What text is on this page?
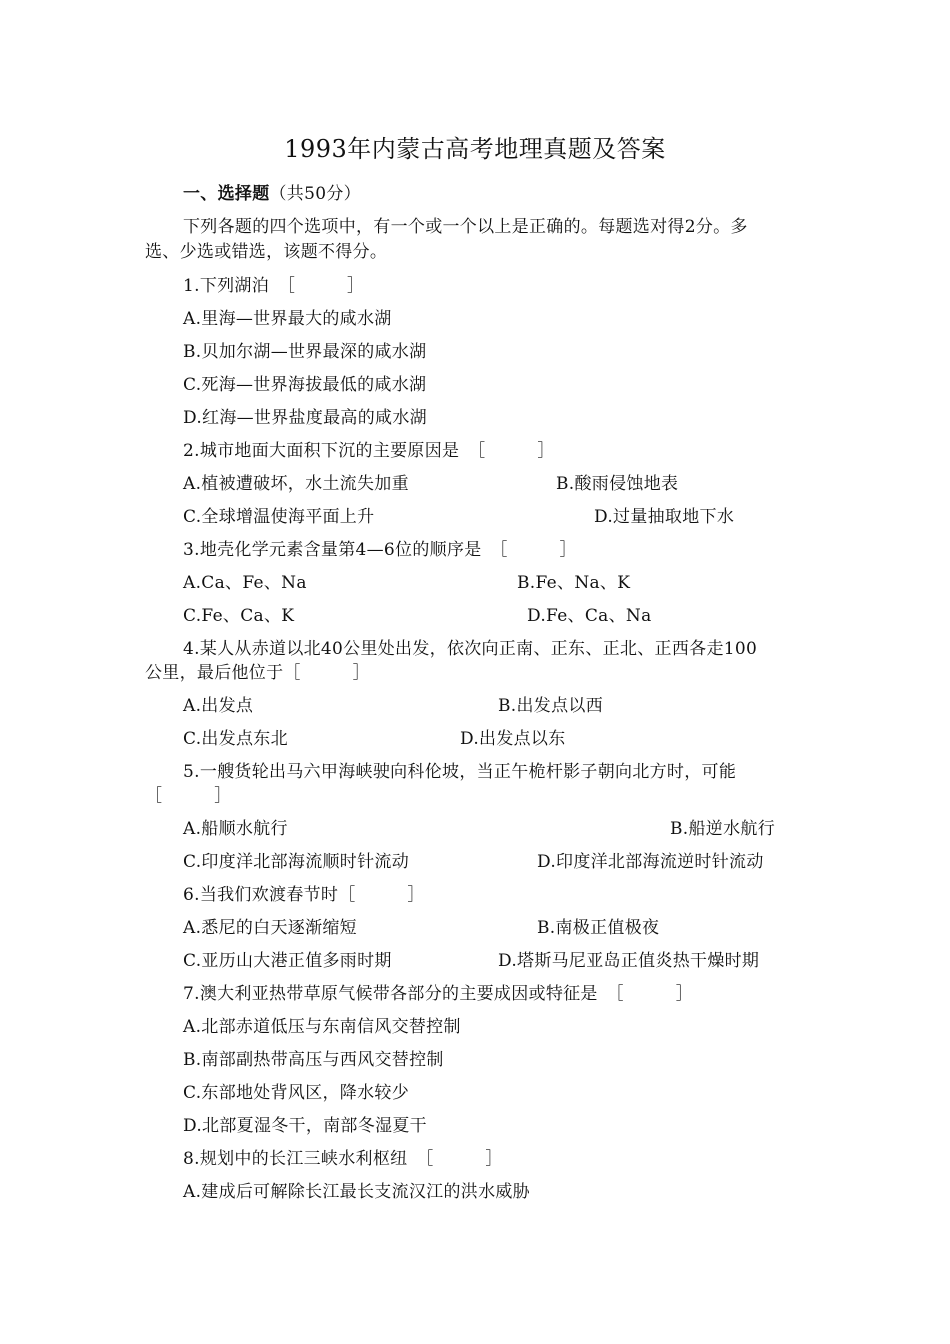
1993年内蒙古高考地理真题及答案
一、选择题（共50分）
下列各题的四个选项中，有一个或一个以上是正确的。每题选对得2分。多
选、少选或错选，该题不得分。
1.下列湖泊　［　　　］
A.里海—世界最大的咸水湖
B.贝加尔湖—世界最深的咸水湖
C.死海—世界海拔最低的咸水湖
D.红海—世界盐度最高的咸水湖
2.城市地面大面积下沉的主要原因是　［　　　］
A.植被遭破坏，水土流失加重	B.酸雨侵蚀地表
C.全球增温使海平面上升	D.过量抽取地下水
3.地壳化学元素含量第4—6位的顺序是　［　　　］
A.Ca、Fe、Na	B.Fe、Na、K
C.Fe、Ca、K	D.Fe、Ca、Na
4.某人从赤道以北40公里处出发，依次向正南、正东、正北、正西各走100
公里，最后他位于［　　　］
A.出发点	B.出发点以西
C.出发点东北	D.出发点以东
5.一艘货轮出马六甲海峡驶向科伦坡，当正午桅杆影子朝向北方时，可能
［　　　］
A.船顺水航行	B.船逆水航行
C.印度洋北部海流顺时针流动	D.印度洋北部海流逆时针流动
6.当我们欢渡春节时［　　　］
A.悉尼的白天逐渐缩短	B.南极正值极夜
C.亚历山大港正值多雨时期	D.塔斯马尼亚岛正值炎热干燥时期
7.澳大利亚热带草原气候带各部分的主要成因或特征是　［　　　］
A.北部赤道低压与东南信风交替控制
B.南部副热带高压与西风交替控制
C.东部地处背风区，降水较少
D.北部夏湿冬干，南部冬湿夏干
8.规划中的长江三峡水利枢纽　［　　　］
A.建成后可解除长江最长支流汉江的洪水威胁
